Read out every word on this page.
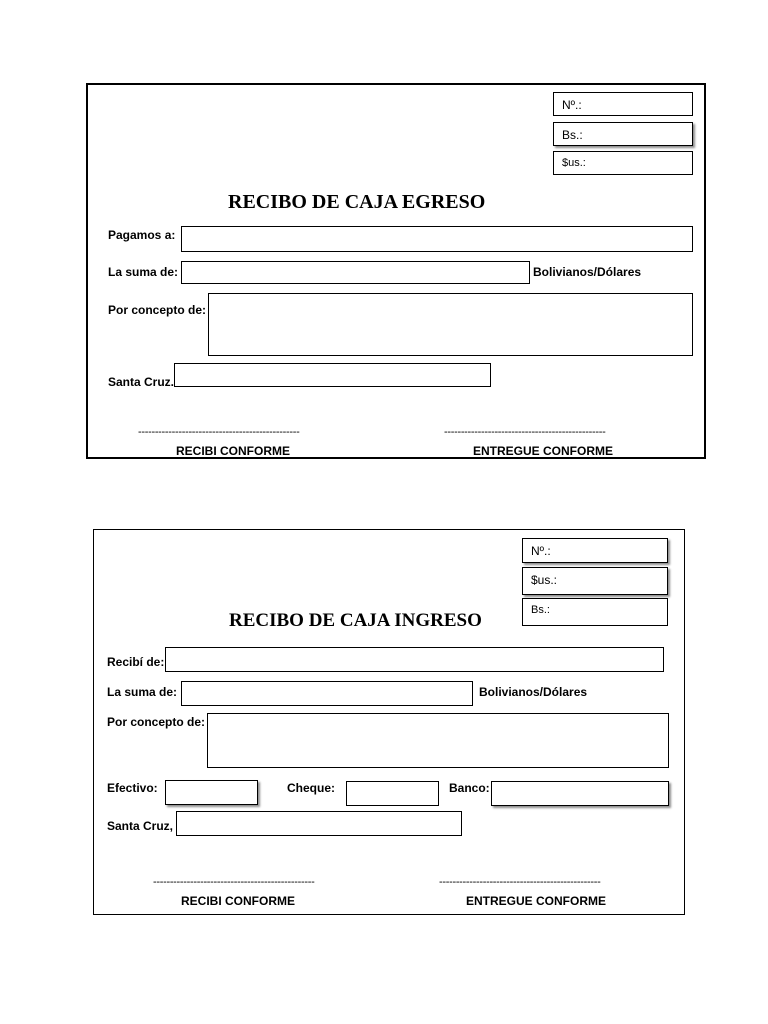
Nº.:
Bs.:
$us.:
RECIBO DE CAJA EGRESO
Pagamos a:
La suma de:	Bolivianos/Dólares
Por concepto de:
Santa Cruz.
------------------------------------------------	------------------------------------------------
RECIBI CONFORME	ENTREGUE CONFORME
Nº.:
$us.:
Bs.:
RECIBO DE CAJA INGRESO
Recibí de:
La suma de:	Bolivianos/Dólares
Por concepto de:
Efectivo:	Cheque:	Banco:
Santa Cruz,
------------------------------------------------	------------------------------------------------
RECIBI CONFORME	ENTREGUE CONFORME
